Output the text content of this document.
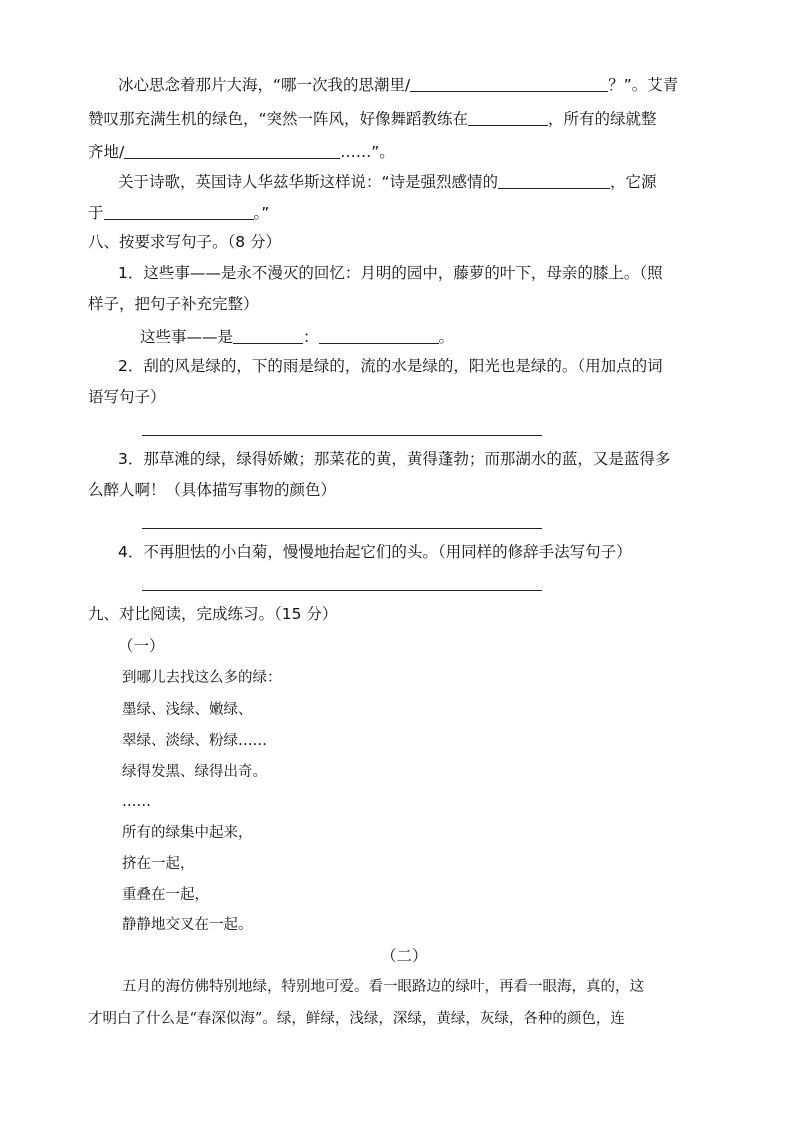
冰心思念着那片大海，“哪一次我的思潮里/	？”。艾青
赞叹那充满生机的绿色，“突然一阵风，好像舞蹈教练在	，所有的绿就整
齐地/	……”。
关于诗歌，英国诗人华兹华斯这样说：“诗是强烈感情的	，它源
于	。”
八、按要求写句子。（8 分）
1．这些事——是永不漫灭的回忆：月明的园中，藤萝的叶下，母亲的膝上。（照
样子，把句子补充完整）
这些事——是	：	。
2．刮的风是绿的，下的雨是绿的，流的水是绿的，阳光也是绿的。（用加点的词
语写句子）
3．那草滩的绿，绿得娇嫩；那菜花的黄，黄得蓬勃；而那湖水的蓝，又是蓝得多
么醉人啊！（具体描写事物的颜色）
4．不再胆怯的小白菊，慢慢地抬起它们的头。（用同样的修辞手法写句子）
九、对比阅读，完成练习。（15 分）
（一）
到哪儿去找这么多的绿：
墨绿、浅绿、嫩绿、
翠绿、淡绿、粉绿……
绿得发黑、绿得出奇。
……
所有的绿集中起来，
挤在一起，
重叠在一起，
静静地交叉在一起。
（二）
五月的海仿佛特别地绿，特别地可爱。看一眼路边的绿叶，再看一眼海，真的，这
才明白了什么是“春深似海”。绿，鲜绿，浅绿，深绿，黄绿，灰绿，各种的颜色，连
